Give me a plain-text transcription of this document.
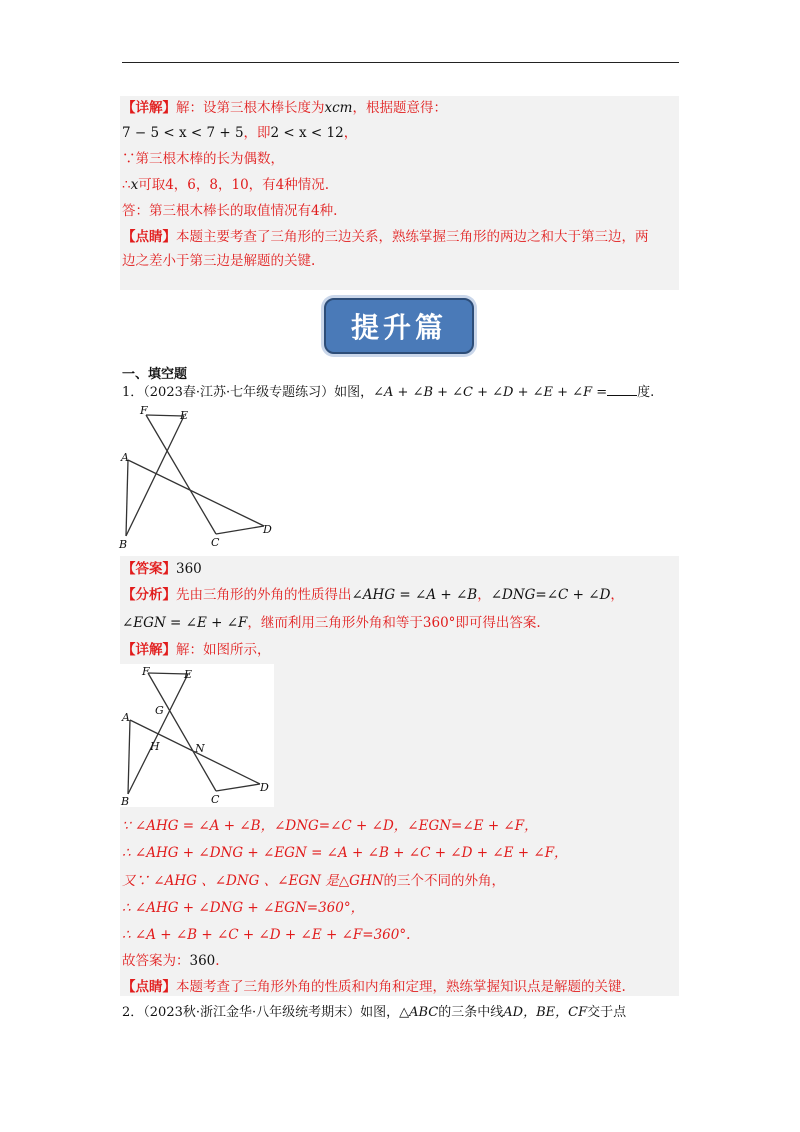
【详解】解：设第三根木棒长度为xcm，根据题意得：
7 − 5 < x < 7 + 5，即2 < x < 12，
∵第三根木棒的长为偶数，
∴x可取4，6，8，10，有4种情况.
答：第三根木棒长的取值情况有4种.
【点睛】本题主要考查了三角形的三边关系，熟练掌握三角形的两边之和大于第三边，两
边之差小于第三边是解题的关键.
提升篇
一、填空题
1．（2023春·江苏·七年级专题练习）如图，∠A + ∠B + ∠C + ∠D + ∠E + ∠F = 度.
F	E
A
B	C
D
【答案】360
【分析】先由三角形的外角的性质得出∠AHG = ∠A + ∠B，∠DNG=∠C + ∠D，
∠EGN = ∠E + ∠F，继而利用三角形外角和等于360°即可得出答案.
【详解】解：如图所示，
F	E
G
A
H	N
B	C
D
∵ ∠AHG = ∠A + ∠B，∠DNG=∠C + ∠D，∠EGN=∠E + ∠F，
∴ ∠AHG + ∠DNG + ∠EGN = ∠A + ∠B + ∠C + ∠D + ∠E + ∠F，
又∵ ∠AHG 、∠DNG 、∠EGN 是△GHN的三个不同的外角，
∴ ∠AHG + ∠DNG + ∠EGN=360°，
∴ ∠A + ∠B + ∠C + ∠D + ∠E + ∠F=360°.
故答案为：360.
【点睛】本题考查了三角形外角的性质和内角和定理，熟练掌握知识点是解题的关键.
2．（2023秋·浙江金华·八年级统考期末）如图，△ABC的三条中线AD，BE，CF交于点
